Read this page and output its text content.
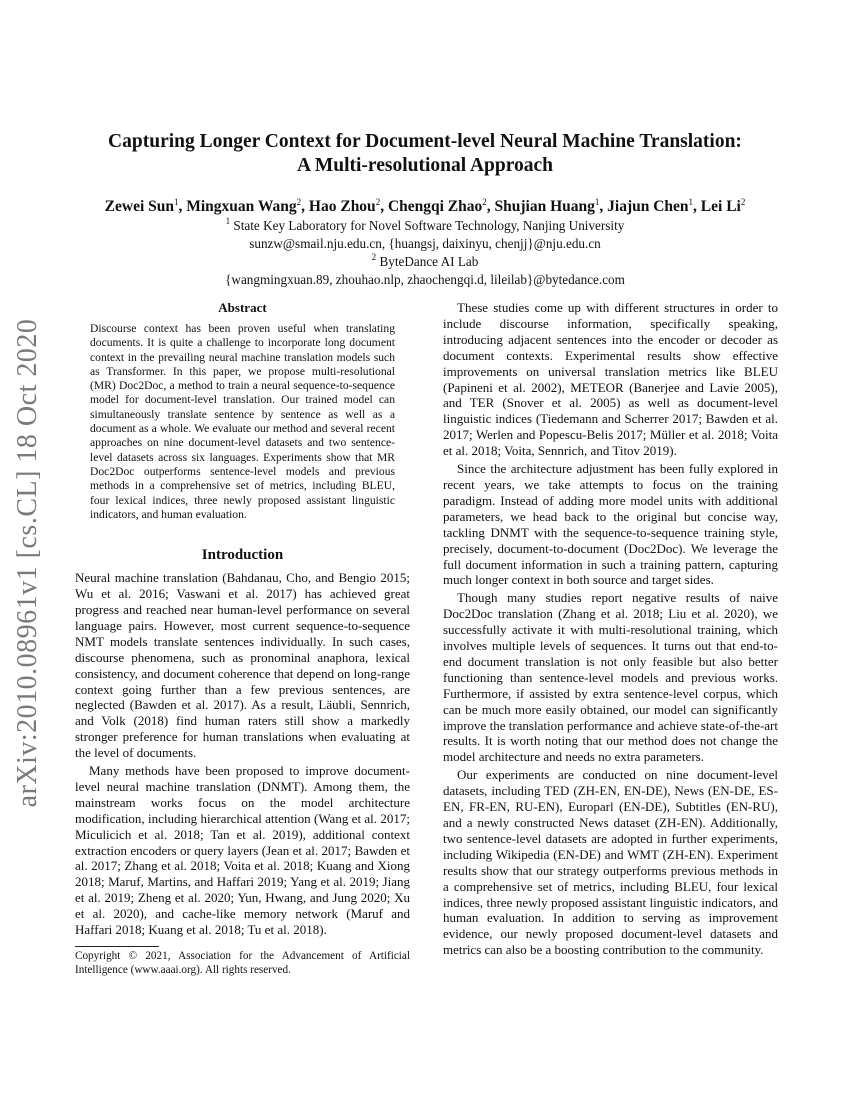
arXiv:2010.08961v1 [cs.CL] 18 Oct 2020
Capturing Longer Context for Document-level Neural Machine Translation:
A Multi-resolutional Approach
Zewei Sun$^1$, Mingxuan Wang$^2$, Hao Zhou$^2$, Chengqi Zhao$^2$, Shujian Huang$^1$, Jiajun Chen$^1$, Lei Li$^2$
$^1$ State Key Laboratory for Novel Software Technology, Nanjing University
sunzw@smail.nju.edu.cn, {huangsj, daixinyu, chenjj}@nju.edu.cn
$^2$ ByteDance AI Lab
{wangmingxuan.89, zhouhao.nlp, zhaochengqi.d, lileilab}@bytedance.com
Abstract

Discourse context has been proven useful when translating documents. It is quite a challenge to incorporate long document context in the prevailing neural machine translation models such as Transformer. In this paper, we propose multi-resolutional (MR) Doc2Doc, a method to train a neural sequence-to-sequence model for document-level translation. Our trained model can simultaneously translate sentence by sentence as well as a document as a whole. We evaluate our method and several recent approaches on nine document-level datasets and two sentence-level datasets across six languages. Experiments show that MR Doc2Doc outperforms sentence-level models and previous methods in a comprehensive set of metrics, including BLEU, four lexical indices, three newly proposed assistant linguistic indicators, and human evaluation.

Introduction

Neural machine translation (Bahdanau, Cho, and Bengio 2015; Wu et al. 2016; Vaswani et al. 2017) has achieved great progress and reached near human-level performance on several language pairs. However, most current sequence-to-sequence NMT models translate sentences individually. In such cases, discourse phenomena, such as pronominal anaphora, lexical consistency, and document coherence that depend on long-range context going further than a few previous sentences, are neglected (Bawden et al. 2017). As a result, Läubli, Sennrich, and Volk (2018) find human raters still show a markedly stronger preference for human translations when evaluating at the level of documents.

Many methods have been proposed to improve document-level neural machine translation (DNMT). Among them, the mainstream works focus on the model architecture modification, including hierarchical attention (Wang et al. 2017; Miculicich et al. 2018; Tan et al. 2019), additional context extraction encoders or query layers (Jean et al. 2017; Bawden et al. 2017; Zhang et al. 2018; Voita et al. 2018; Kuang and Xiong 2018; Maruf, Martins, and Haffari 2019; Yang et al. 2019; Jiang et al. 2019; Zheng et al. 2020; Yun, Hwang, and Jung 2020; Xu et al. 2020), and cache-like memory network (Maruf and Haffari 2018; Kuang et al. 2018; Tu et al. 2018).

Copyright © 2021, Association for the Advancement of Artificial Intelligence (www.aaai.org). All rights reserved.

These studies come up with different structures in order to include discourse information, specifically speaking, introducing adjacent sentences into the encoder or decoder as document contexts. Experimental results show effective improvements on universal translation metrics like BLEU (Papineni et al. 2002), METEOR (Banerjee and Lavie 2005), and TER (Snover et al. 2005) as well as document-level linguistic indices (Tiedemann and Scherrer 2017; Bawden et al. 2017; Werlen and Popescu-Belis 2017; Müller et al. 2018; Voita et al. 2018; Voita, Sennrich, and Titov 2019).

Since the architecture adjustment has been fully explored in recent years, we take attempts to focus on the training paradigm. Instead of adding more model units with additional parameters, we head back to the original but concise way, tackling DNMT with the sequence-to-sequence training style, precisely, document-to-document (Doc2Doc). We leverage the full document information in such a training pattern, capturing much longer context in both source and target sides.

Though many studies report negative results of naive Doc2Doc translation (Zhang et al. 2018; Liu et al. 2020), we successfully activate it with multi-resolutional training, which involves multiple levels of sequences. It turns out that end-to-end document translation is not only feasible but also better functioning than sentence-level models and previous works. Furthermore, if assisted by extra sentence-level corpus, which can be much more easily obtained, our model can significantly improve the translation performance and achieve state-of-the-art results. It is worth noting that our method does not change the model architecture and needs no extra parameters.

Our experiments are conducted on nine document-level datasets, including TED (ZH-EN, EN-DE), News (EN-DE, ES-EN, FR-EN, RU-EN), Europarl (EN-DE), Subtitles (EN-RU), and a newly constructed News dataset (ZH-EN). Additionally, two sentence-level datasets are adopted in further experiments, including Wikipedia (EN-DE) and WMT (ZH-EN). Experiment results show that our strategy outperforms previous methods in a comprehensive set of metrics, including BLEU, four lexical indices, three newly proposed assistant linguistic indicators, and human evaluation. In addition to serving as improvement evidence, our newly proposed document-level datasets and metrics can also be a boosting contribution to the community.
